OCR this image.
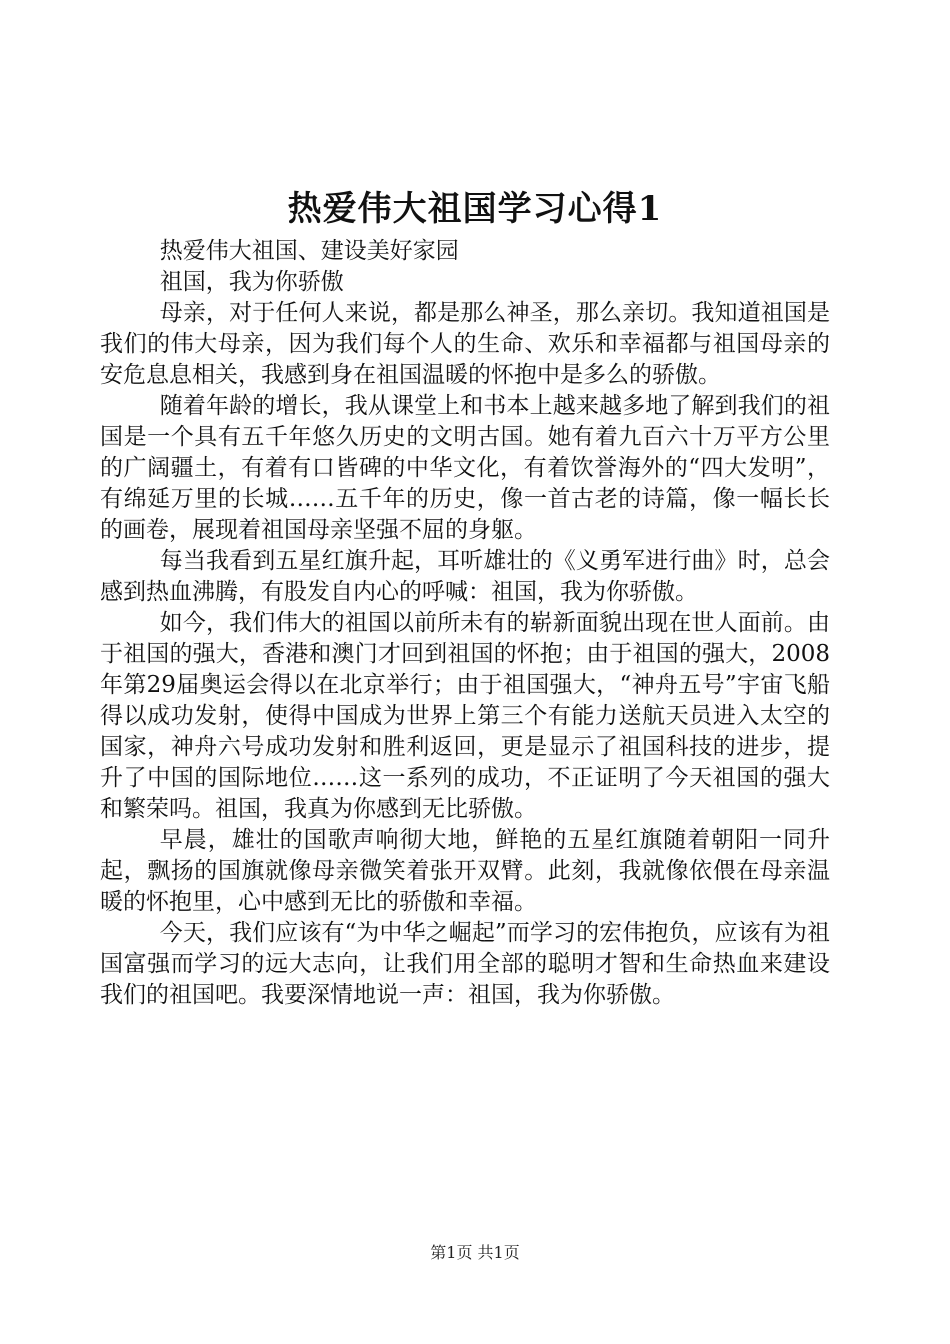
热爱伟大祖国学习心得1

热爱伟大祖国、建设美好家园

祖国，我为你骄傲

母亲，对于任何人来说，都是那么神圣，那么亲切。我知道祖国是我们的伟大母亲，因为我们每个人的生命、欢乐和幸福都与祖国母亲的安危息息相关，我感到身在祖国温暖的怀抱中是多么的骄傲。

随着年龄的增长，我从课堂上和书本上越来越多地了解到我们的祖国是一个具有五千年悠久历史的文明古国。她有着九百六十万平方公里的广阔疆土，有着有口皆碑的中华文化，有着饮誉海外的“四大发明”，有绵延万里的长城……五千年的历史，像一首古老的诗篇，像一幅长长的画卷，展现着祖国母亲坚强不屈的身躯。

每当我看到五星红旗升起，耳听雄壮的《义勇军进行曲》时，总会感到热血沸腾，有股发自内心的呼喊：祖国，我为你骄傲。

如今，我们伟大的祖国以前所未有的崭新面貌出现在世人面前。由于祖国的强大，香港和澳门才回到祖国的怀抱；由于祖国的强大，2008年第29届奥运会得以在北京举行；由于祖国强大，“神舟五号”宇宙飞船得以成功发射，使得中国成为世界上第三个有能力送航天员进入太空的国家，神舟六号成功发射和胜利返回，更是显示了祖国科技的进步，提升了中国的国际地位……这一系列的成功，不正证明了今天祖国的强大和繁荣吗。祖国，我真为你感到无比骄傲。

早晨，雄壮的国歌声响彻大地，鲜艳的五星红旗随着朝阳一同升起，飘扬的国旗就像母亲微笑着张开双臂。此刻，我就像依偎在母亲温暖的怀抱里，心中感到无比的骄傲和幸福。

今天，我们应该有“为中华之崛起”而学习的宏伟抱负，应该有为祖国富强而学习的远大志向，让我们用全部的聪明才智和生命热血来建设我们的祖国吧。我要深情地说一声：祖国，我为你骄傲。

第1页 共1页
